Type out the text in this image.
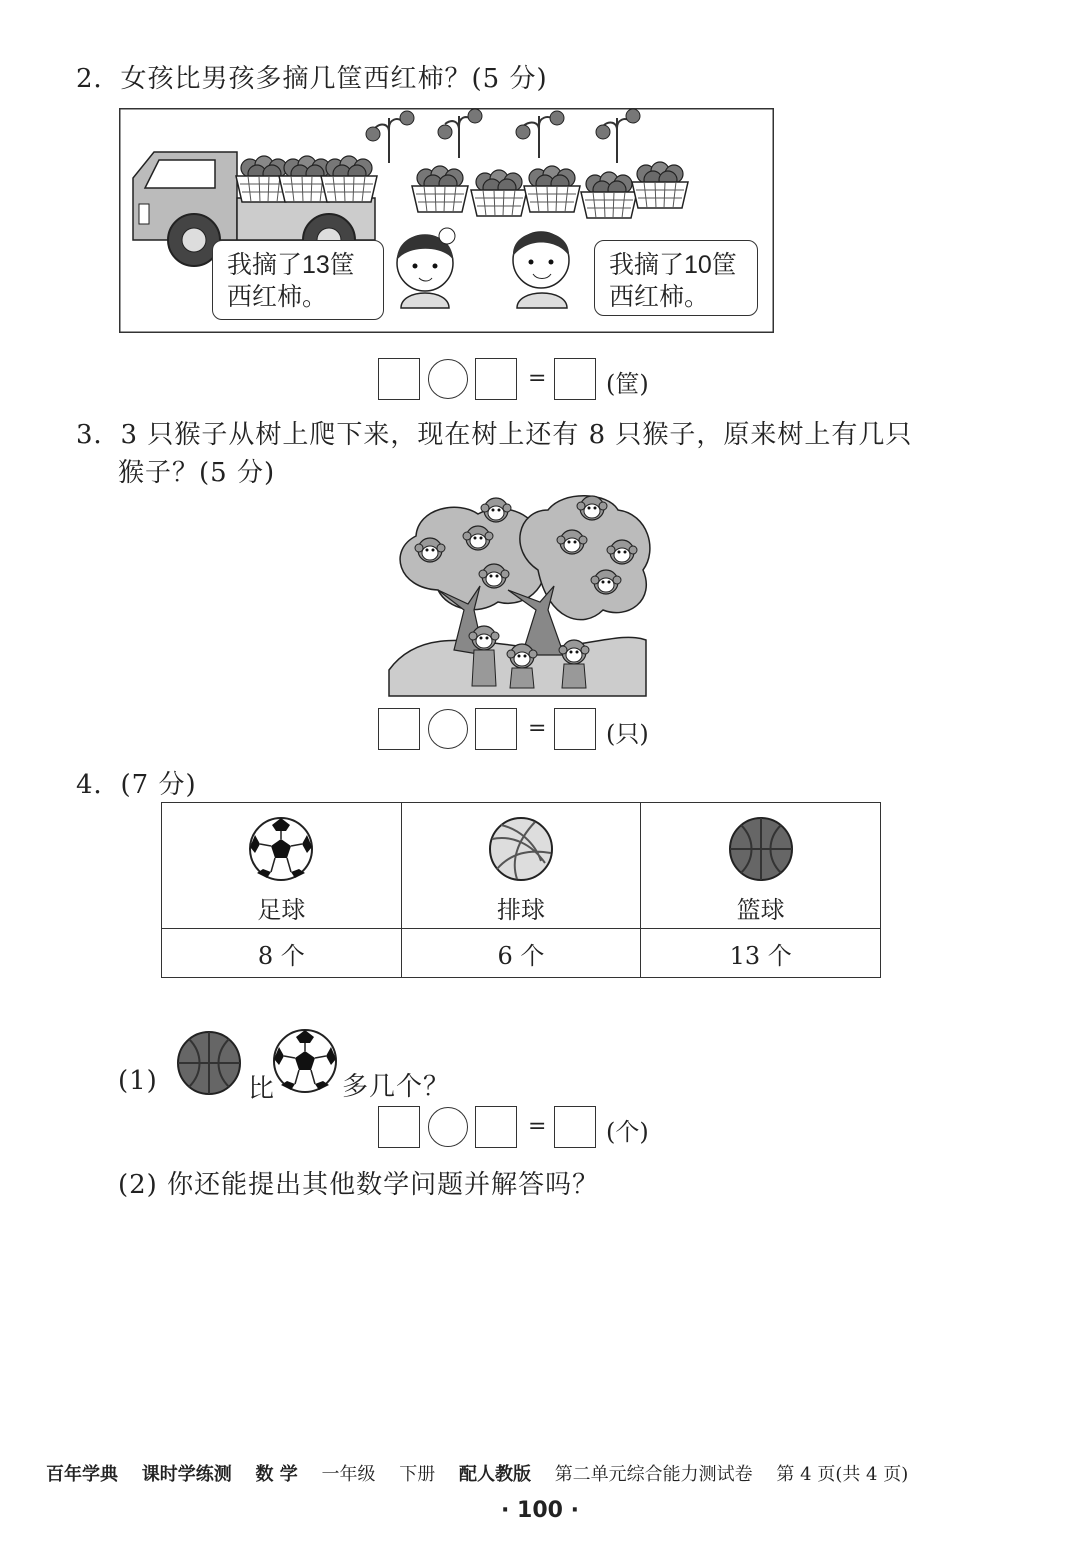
2．女孩比男孩多摘几筐西红柿？(5 分)
我摘了13筐
西红柿。
我摘了10筐
西红柿。
= (筐)
3．3 只猴子从树上爬下来，现在树上还有 8 只猴子，原来树上有几只
猴子？(5 分)
= (只)
4．(7 分)
足球	排球	篮球

8 个	6 个	13 个
(1)	比	多几个？
= (个)
(2) 你还能提出其他数学问题并解答吗？
百年学典 课时学练测 数 学 一年级 下册 配人教版 第二单元综合能力测试卷 第 4 页(共 4 页)
· 100 ·
